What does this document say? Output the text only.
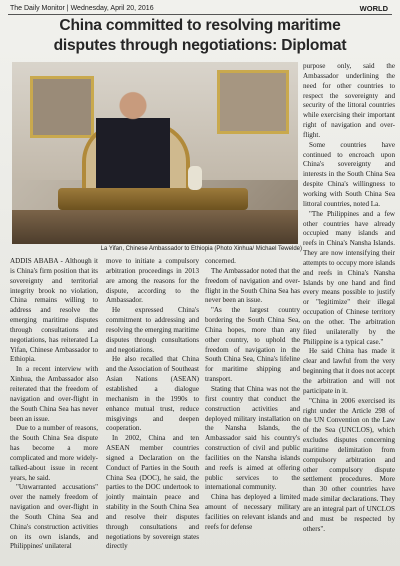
The Daily Monitor | Wednesday, April 20, 2016	WORLD
China committed to resolving maritime
disputes through negotiations: Diplomat
La Yifan, Chinese Ambassador to Ethiopia (Photo Xinhua/ Michael Tewelde)

ADDIS ABABA - Although it is China's firm position that its sovereignty and territorial integrity brook no violation, China remains willing to address and resolve the emerging maritime disputes through consultations and negotiations, has reiterated La Yifan, Chinese Ambassador to Ethiopia.

In a recent interview with Xinhua, the Ambassador also reiterated that the freedom of navigation and over-flight in the South China Sea has never been an issue.

Due to a number of reasons, the South China Sea dispute has become a more complicated and more widely-talked-about issue in recent years, he said.

"Unwarranted accusations" over the namely freedom of navigation and over-flight in the South China Sea and China's construction activities on its own islands, and Philippines' unilateral

move to initiate a compulsory arbitration proceedings in 2013 are among the reasons for the dispute, according to the Ambassador.

He expressed China's commitment to addressing and resolving the emerging maritime disputes through consultations and negotiations.

He also recalled that China and the Association of Southeast Asian Nations (ASEAN) established a dialogue mechanism in the 1990s to enhance mutual trust, reduce misgivings and deepen cooperation.

In 2002, China and ten ASEAN member countries signed a Declaration on the Conduct of Parties in the South China Sea (DOC), he said, the parties to the DOC undertook to jointly maintain peace and stability in the South China Sea and resolve their disputes through consultations and negotiations by sovereign states directly

concerned.

The Ambassador noted that the freedom of navigation and over-flight in the South China Sea has never been an issue.

"As the largest country bordering the South China Sea, China hopes, more than any other country, to uphold the freedom of navigation in the South China Sea, China's lifeline for maritime shipping and transport.

Stating that China was not the first country that conduct the construction activities and deployed military installation on the Nansha Islands, the Ambassador said his country's construction of civil and public facilities on the Nansha islands and reefs is aimed at offering public services to the international community.

China has deployed a limited amount of necessary military facilities on relevant islands and reefs for defense

purpose only, said the Ambassador underlining the need for other countries to respect the sovereignty and security of the littoral countries while exercising their important right of navigation and over-flight.

Some countries have continued to encroach upon China's sovereignty and interests in the South China Sea despite China's willingness to working with South China Sea littoral countries, noted La.

"The Philippines and a few other countries have already occupied many islands and reefs in China's Nansha Islands. They are now intensifying their attempts to occupy more islands and reefs in China's Nansha Islands by one hand and find every means possible to justify or "legitimize" their illegal occupation of Chinese territory on the other. The arbitration filed unilaterally by the Philippine is a typical case."

He said China has made it clear and lawful from the very beginning that it does not accept the arbitration and will not participate in it.

"China in 2006 exercised its right under the Article 298 of the UN Convention on the Law of the Sea (UNCLOS), which excludes disputes concerning maritime delimitation from compulsory arbitration and other compulsory dispute settlement procedures. More than 30 other countries have made similar declarations. They are an integral part of UNCLOS and must be respected by others".
